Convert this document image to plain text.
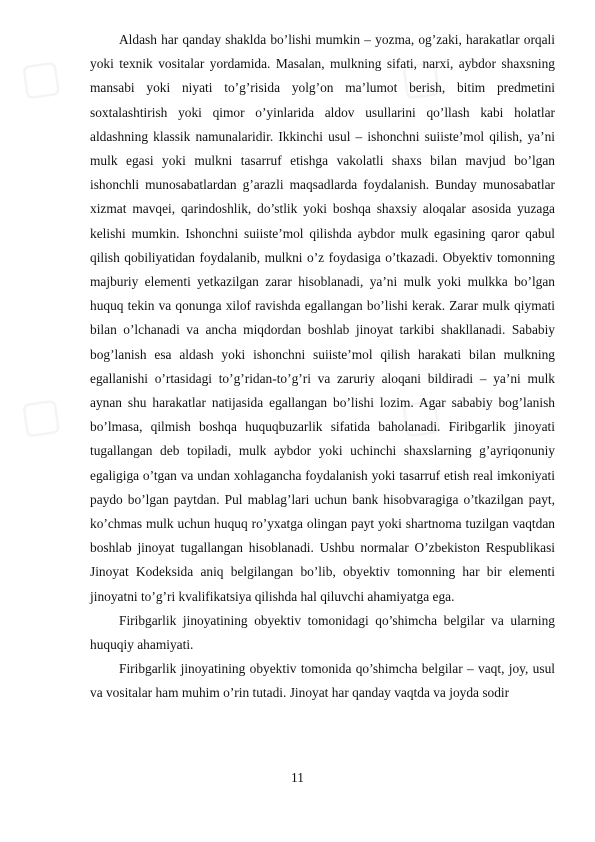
▢	▢
▢	▢

Aldash har qanday shaklda bo’lishi mumkin – yozma, og’zaki, harakatlar orqali yoki texnik vositalar yordamida. Masalan, mulkning sifati, narxi, aybdor shaxsning mansabi yoki niyati to’g’risida yolg’on ma’lumot berish, bitim predmetini soxtalashtirish yoki qimor o’yinlarida aldov usullarini qo’llash kabi holatlar aldashning klassik namunalaridir. Ikkinchi usul – ishonchni suiiste’mol qilish, ya’ni mulk egasi yoki mulkni tasarruf etishga vakolatli shaxs bilan mavjud bo’lgan ishonchli munosabatlardan g’arazli maqsadlarda foydalanish. Bunday munosabatlar xizmat mavqei, qarindoshlik, do’stlik yoki boshqa shaxsiy aloqalar asosida yuzaga kelishi mumkin. Ishonchni suiiste’mol qilishda aybdor mulk egasining qaror qabul qilish qobiliyatidan foydalanib, mulkni o’z foydasiga o’tkazadi. Obyektiv tomonning majburiy elementi yetkazilgan zarar hisoblanadi, ya’ni mulk yoki mulkka bo’lgan huquq tekin va qonunga xilof ravishda egallangan bo’lishi kerak. Zarar mulk qiymati bilan o’lchanadi va ancha miqdordan boshlab jinoyat tarkibi shakllanadi. Sababiy bog’lanish esa aldash yoki ishonchni suiiste’mol qilish harakati bilan mulkning egallanishi o’rtasidagi to’g’ridan-to’g’ri va zaruriy aloqani bildiradi – ya’ni mulk aynan shu harakatlar natijasida egallangan bo’lishi lozim. Agar sababiy bog’lanish bo’lmasa, qilmish boshqa huquqbuzarlik sifatida baholanadi. Firibgarlik jinoyati tugallangan deb topiladi, mulk aybdor yoki uchinchi shaxslarning g’ayriqonuniy egaligiga o’tgan va undan xohlagancha foydalanish yoki tasarruf etish real imkoniyati paydo bo’lgan paytdan. Pul mablag’lari uchun bank hisobvaragiga o’tkazilgan payt, ko’chmas mulk uchun huquq ro’yxatga olingan payt yoki shartnoma tuzilgan vaqtdan boshlab jinoyat tugallangan hisoblanadi. Ushbu normalar O’zbekiston Respublikasi Jinoyat Kodeksida aniq belgilangan bo’lib, obyektiv tomonning har bir elementi jinoyatni to’g’ri kvalifikatsiya qilishda hal qiluvchi ahamiyatga ega.

Firibgarlik jinoyatining obyektiv tomonidagi qo’shimcha belgilar va ularning huquqiy ahamiyati.

Firibgarlik jinoyatining obyektiv tomonida qo’shimcha belgilar – vaqt, joy, usul va vositalar ham muhim o’rin tutadi. Jinoyat har qanday vaqtda va joyda sodir

11
